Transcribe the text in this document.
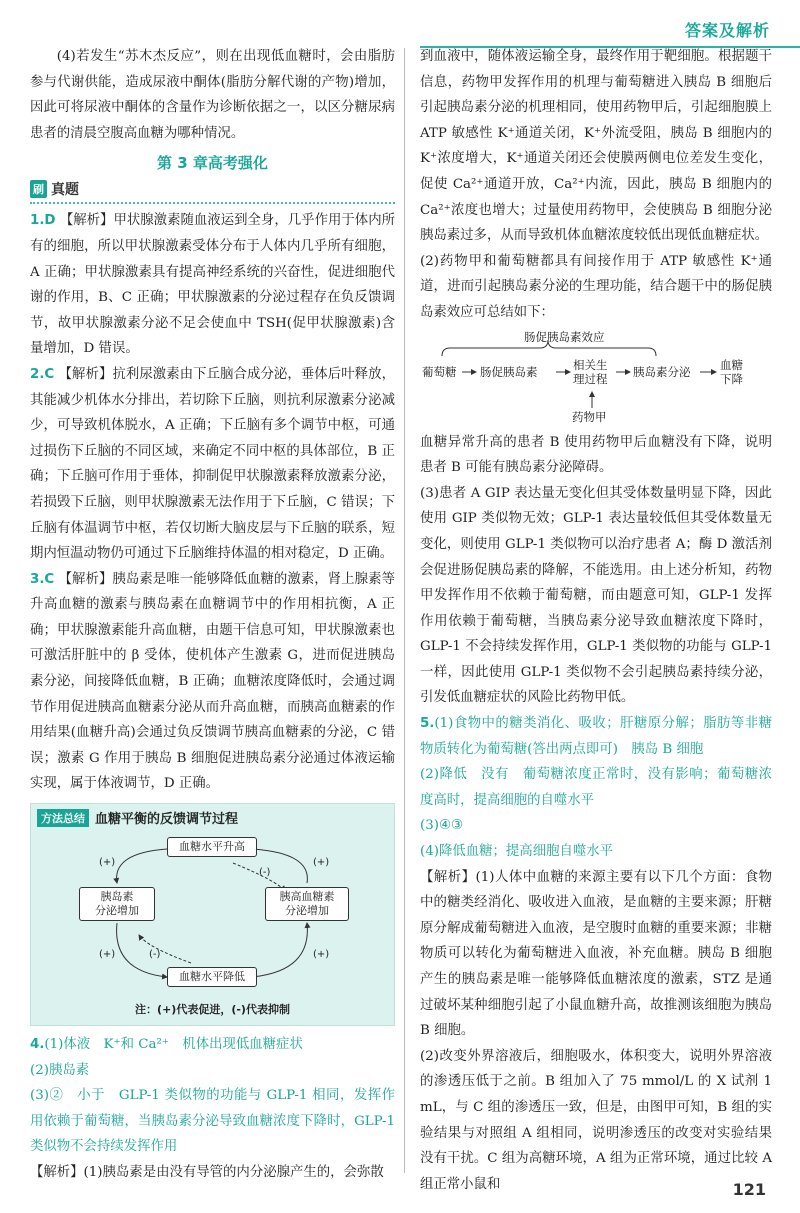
答案及解析

(4)若发生“苏木杰反应”，则在出现低血糖时，会由脂肪参与代谢供能，造成尿液中酮体(脂肪分解代谢的产物)增加，因此可将尿液中酮体的含量作为诊断依据之一，以区分糖尿病患者的清晨空腹高血糖为哪种情况。

第 3 章高考强化
刷 真题

1.D 【解析】甲状腺激素随血液运到全身，几乎作用于体内所有的细胞，所以甲状腺激素受体分布于人体内几乎所有细胞，A 正确；甲状腺激素具有提高神经系统的兴奋性，促进细胞代谢的作用，B、C 正确；甲状腺激素的分泌过程存在负反馈调节，故甲状腺激素分泌不足会使血中 TSH(促甲状腺激素)含量增加，D 错误。

2.C 【解析】抗利尿激素由下丘脑合成分泌，垂体后叶释放，其能减少机体水分排出，若切除下丘脑，则抗利尿激素分泌减少，可导致机体脱水，A 正确；下丘脑有多个调节中枢，可通过损伤下丘脑的不同区域，来确定不同中枢的具体部位，B 正确；下丘脑可作用于垂体，抑制促甲状腺激素释放激素分泌，若损毁下丘脑，则甲状腺激素无法作用于下丘脑，C 错误；下丘脑有体温调节中枢，若仅切断大脑皮层与下丘脑的联系，短期内恒温动物仍可通过下丘脑维持体温的相对稳定，D 正确。

3.C 【解析】胰岛素是唯一能够降低血糖的激素，肾上腺素等升高血糖的激素与胰岛素在血糖调节中的作用相抗衡，A 正确；甲状腺激素能升高血糖，由题干信息可知，甲状腺激素也可激活肝脏中的 β 受体，使机体产生激素 G，进而促进胰岛素分泌，间接降低血糖，B 正确；血糖浓度降低时，会通过调节作用促进胰高血糖素分泌从而升高血糖，而胰高血糖素的作用结果(血糖升高)会通过负反馈调节胰高血糖素的分泌，C 错误；激素 G 作用于胰岛 B 细胞促进胰岛素分泌通过体液运输实现，属于体液调节，D 正确。

方法总结 血糖平衡的反馈调节过程
血糖水平升高
胰岛素
分泌增加
胰高血糖素
分泌增加
血糖水平降低
(+)
(+)	(+)
(+)
(-)
(-)
注：(+)代表促进，(-)代表抑制

4.(1)体液　K⁺和 Ca²⁺　机体出现低血糖症状

(2)胰岛素

(3)②　小于　GLP-1 类似物的功能与 GLP-1 相同，发挥作用依赖于葡萄糖，当胰岛素分泌导致血糖浓度下降时，GLP-1 类似物不会持续发挥作用

【解析】(1)胰岛素是由没有导管的内分泌腺产生的，会弥散

到血液中，随体液运输全身，最终作用于靶细胞。根据题干信息，药物甲发挥作用的机理与葡萄糖进入胰岛 B 细胞后引起胰岛素分泌的机理相同，使用药物甲后，引起细胞膜上 ATP 敏感性 K⁺通道关闭，K⁺外流受阻，胰岛 B 细胞内的 K⁺浓度增大，K⁺通道关闭还会使膜两侧电位差发生变化，促使 Ca²⁺通道开放，Ca²⁺内流，因此，胰岛 B 细胞内的 Ca²⁺浓度也增大；过量使用药物甲，会使胰岛 B 细胞分泌胰岛素过多，从而导致机体血糖浓度较低出现低血糖症状。

(2)药物甲和葡萄糖都具有间接作用于 ATP 敏感性 K⁺通道，进而引起胰岛素分泌的生理功能，结合题干中的肠促胰岛素效应可总结如下：

肠促胰岛素效应
葡萄糖 肠促胰岛素	相关生
理过程 胰岛素分泌	血糖
下降
药物甲

血糖异常升高的患者 B 使用药物甲后血糖没有下降，说明患者 B 可能有胰岛素分泌障碍。

(3)患者 A GIP 表达量无变化但其受体数量明显下降，因此使用 GIP 类似物无效；GLP-1 表达量较低但其受体数量无变化，则使用 GLP-1 类似物可以治疗患者 A；酶 D 激活剂会促进肠促胰岛素的降解，不能选用。由上述分析知，药物甲发挥作用不依赖于葡萄糖，而由题意可知，GLP-1 发挥作用依赖于葡萄糖，当胰岛素分泌导致血糖浓度下降时，GLP-1 不会持续发挥作用，GLP-1 类似物的功能与 GLP-1 一样，因此使用 GLP-1 类似物不会引起胰岛素持续分泌，引发低血糖症状的风险比药物甲低。

5.(1)食物中的糖类消化、吸收；肝糖原分解；脂肪等非糖物质转化为葡萄糖(答出两点即可)　胰岛 B 细胞

(2)降低　没有　葡萄糖浓度正常时，没有影响；葡萄糖浓度高时，提高细胞的自噬水平

(3)④③

(4)降低血糖；提高细胞自噬水平

【解析】(1)人体中血糖的来源主要有以下几个方面：食物中的糖类经消化、吸收进入血液，是血糖的主要来源；肝糖原分解成葡萄糖进入血液，是空腹时血糖的重要来源；非糖物质可以转化为葡萄糖进入血液，补充血糖。胰岛 B 细胞产生的胰岛素是唯一能够降低血糖浓度的激素，STZ 是通过破坏某种细胞引起了小鼠血糖升高，故推测该细胞为胰岛 B 细胞。

(2)改变外界溶液后，细胞吸水，体积变大，说明外界溶液的渗透压低于之前。B 组加入了 75 mmol/L 的 X 试剂 1 mL，与 C 组的渗透压一致，但是，由图甲可知，B 组的实验结果与对照组 A 组相同，说明渗透压的改变对实验结果没有干扰。C 组为高糖环境，A 组为正常环境，通过比较 A 组正常小鼠和	121
